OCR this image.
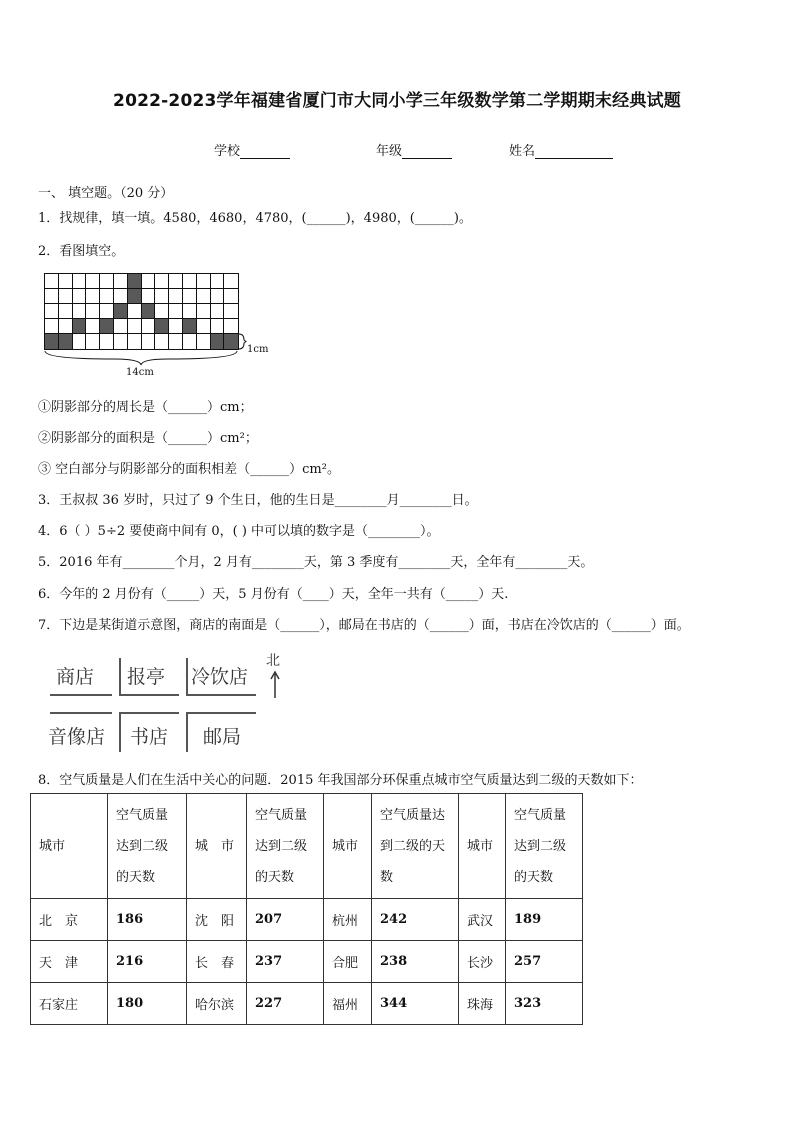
2022-2023学年福建省厦门市大同小学三年级数学第二学期期末经典试题
学校	年级	姓名
一、 填空题。（20 分）
1．找规律，填一填。4580，4680，4780，(______)，4980，(______)。
2．看图填空。
14cm
1cm
①阴影部分的周长是（______）cm；
②阴影部分的面积是（______）cm²；
③ 空白部分与阴影部分的面积相差（______）cm²。
3．王叔叔 36 岁时，只过了 9 个生日，他的生日是________月________日。
4．6（ ）5÷2 要使商中间有 0，( ) 中可以填的数字是（________）。
5．2016 年有________个月，2 月有________天，第 3 季度有________天，全年有________天。
6．今年的 2 月份有（_____）天，5 月份有（____）天，全年一共有（_____）天.
7．下边是某街道示意图，商店的南面是（______），邮局在书店的（______）面，书店在冷饮店的（______）面。
商店 报亭 冷饮店
音像店 书店 邮局
北
8．空气质量是人们在生活中关心的问题．2015 年我国部分环保重点城市空气质量达到二级的天数如下：
城市	空气质量
达到二级
的天数	城　市	空气质量
达到二级
的天数	城市	空气质量达
到二级的天
数	城市	空气质量
达到二级
的天数
北　京	186	沈　阳	207	杭州	242	武汉	189
天　津	216	长　春	237	合肥	238	长沙	257
石家庄	180	哈尔滨	227	福州	344	珠海	323
